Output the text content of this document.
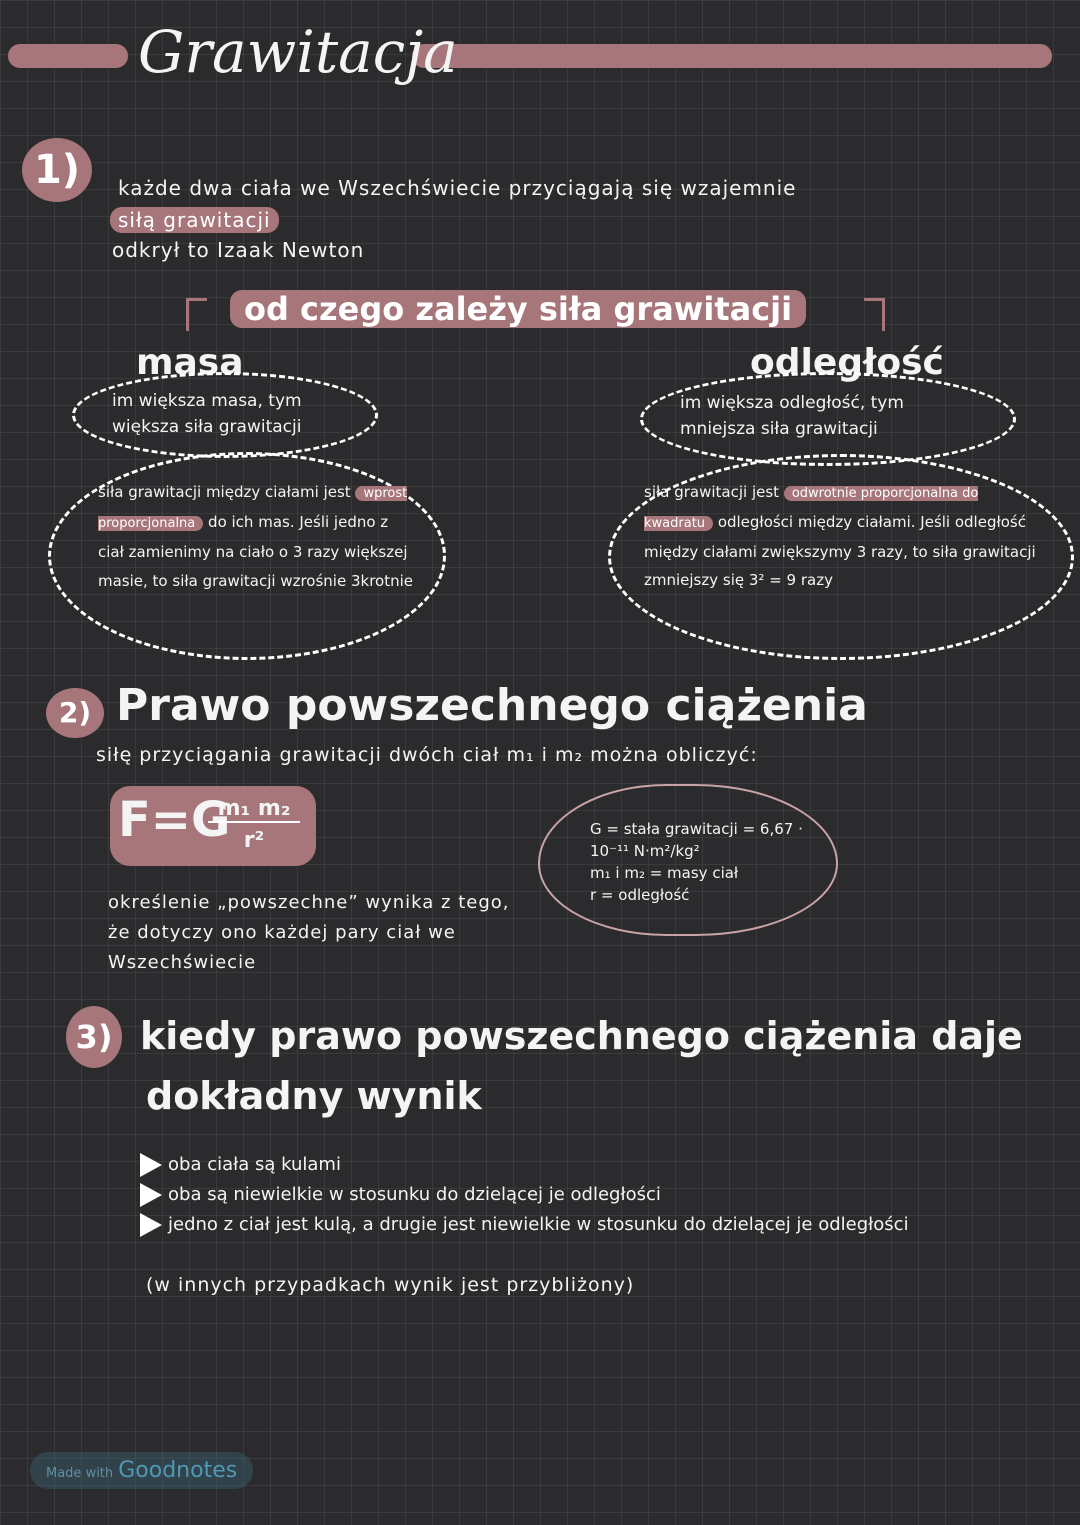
Grawitacja
1)	każde dwa ciała we Wszechświecie przyciągają się wzajemnie
siłą grawitacji
odkrył to Izaak Newton
od czego zależy siła grawitacji
masa
im większa masa, tym większa siła grawitacji
siła grawitacji między ciałami jest wprost proporcjonalna do ich mas. Jeśli jedno z ciał zamienimy na ciało o 3 razy większej masie, to siła grawitacji wzrośnie 3krotnie
odległość
im większa odległość, tym mniejsza siła grawitacji
siła grawitacji jest odwrotnie proporcjonalna do kwadratu odległości między ciałami. Jeśli odległość między ciałami zwiększymy 3 razy, to siła grawitacji zmniejszy się 3² = 9 razy
2) Prawo powszechnego ciążenia
siłę przyciągania grawitacji dwóch ciał m₁ i m₂ można obliczyć:
F=G
m₁ m₂
r²	G = stała grawitacji = 6,67 · 10⁻¹¹ N·m²/kg²
m₁ i m₂ = masy ciał
r = odległość
określenie „powszechne” wynika z tego, że dotyczy ono każdej pary ciał we Wszechświecie
3) kiedy prawo powszechnego ciążenia daje
dokładny wynik
oba ciała są kulami
oba są niewielkie w stosunku do dzielącej je odległości
jedno z ciał jest kulą, a drugie jest niewielkie w stosunku do dzielącej je odległości
(w innych przypadkach wynik jest przybliżony)
Made with Goodnotes
